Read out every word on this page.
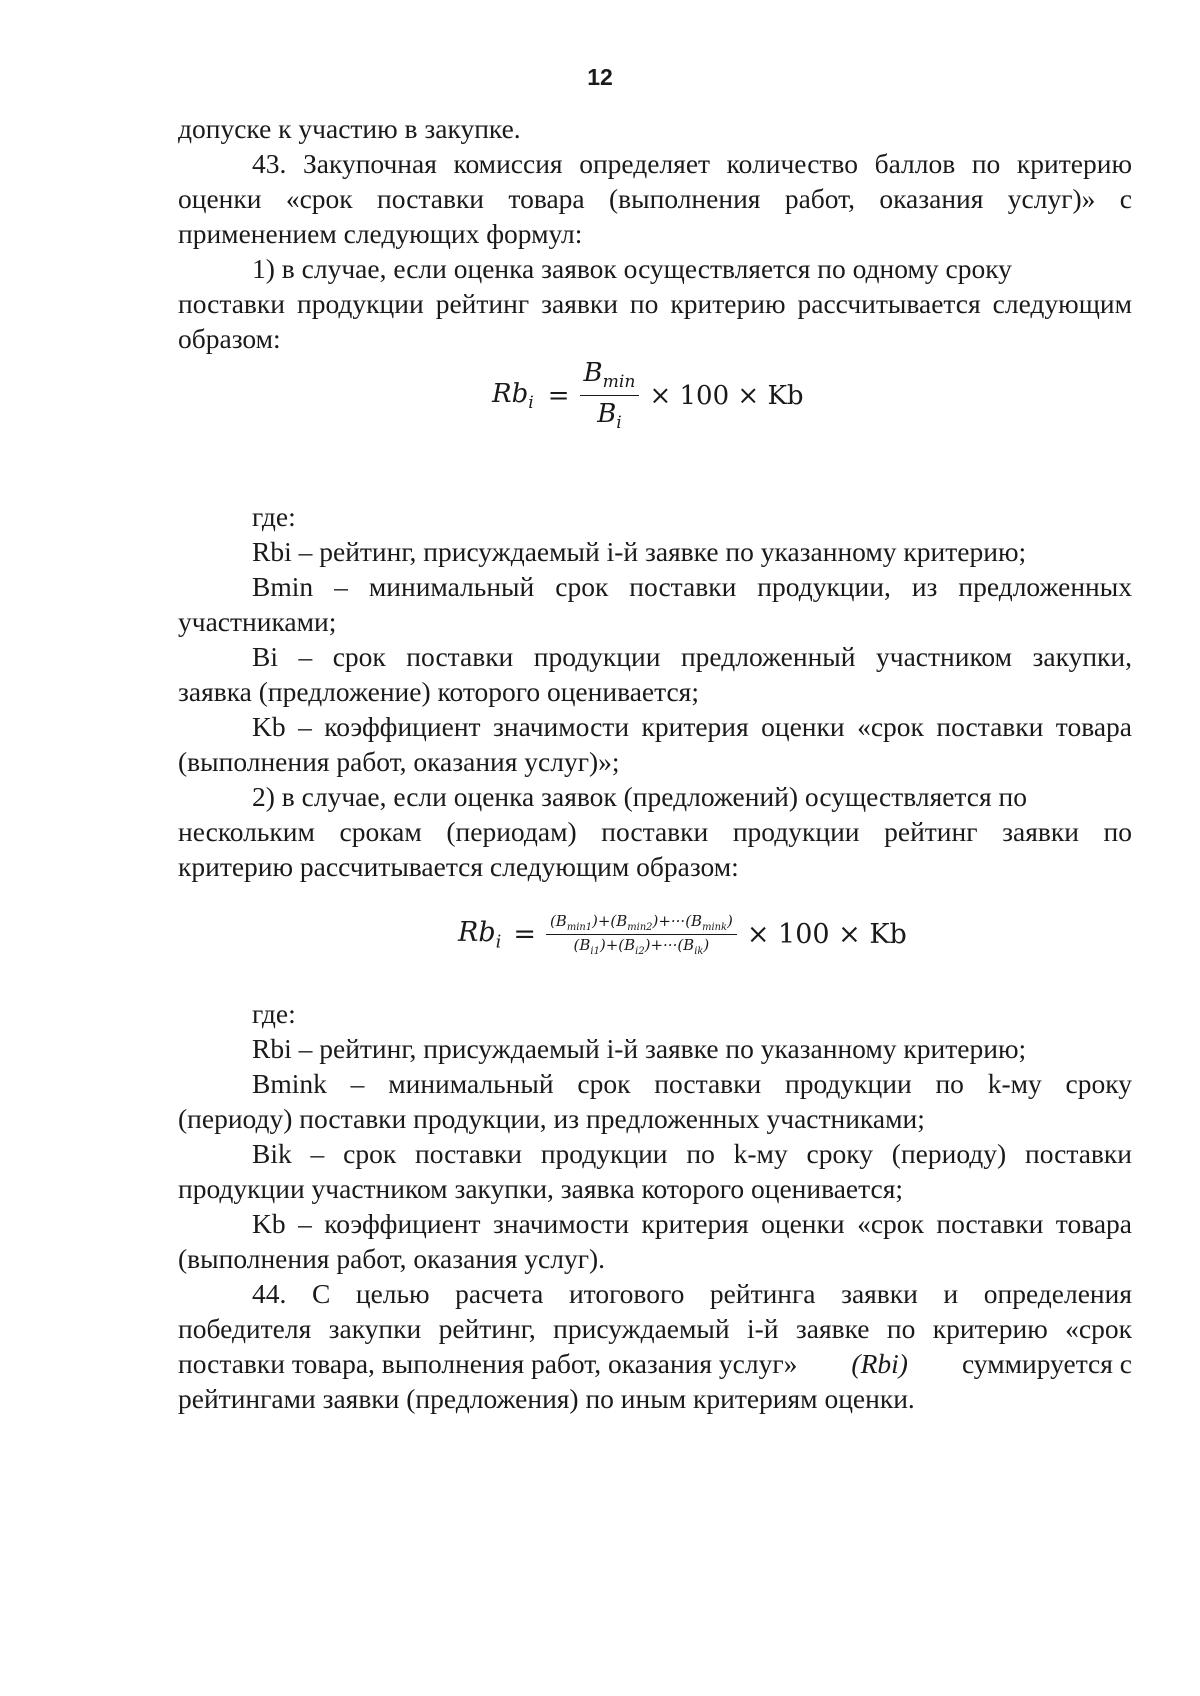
12
допуске к участию в закупке.
43. Закупочная комиссия определяет количество баллов по критерию
оценки «срок поставки товара (выполнения работ, оказания услуг)» с
применением следующих формул:
1) в случае, если оценка заявок осуществляется по одному сроку
поставки продукции рейтинг заявки по критерию рассчитывается следующим
образом:
$Rb_i = \frac{B_{min}}{B_i} \times 100 \times Kb$
где:
Rbi – рейтинг, присуждаемый i-й заявке по указанному критерию;
Bmin – минимальный срок поставки продукции, из предложенных
участниками;
Bi – срок поставки продукции предложенный участником закупки,
заявка (предложение) которого оценивается;
Kb – коэффициент значимости критерия оценки «срок поставки товара
(выполнения работ, оказания услуг)»;
2) в случае, если оценка заявок (предложений) осуществляется по
нескольким срокам (периодам) поставки продукции рейтинг заявки по
критерию рассчитывается следующим образом:
$Rb_i = \frac{(B_{min1})+(B_{min2})+\cdot\cdot\cdot(B_{mink})}{(B_{i1})+(B_{i2})+\cdot\cdot\cdot(B_{ik})} \times 100 \times Kb$
где:
Rbi – рейтинг, присуждаемый i-й заявке по указанному критерию;
Bmink – минимальный срок поставки продукции по k-му сроку
(периоду) поставки продукции, из предложенных участниками;
Bik – срок поставки продукции по k-му сроку (периоду) поставки
продукции участником закупки, заявка которого оценивается;
Kb – коэффициент значимости критерия оценки «срок поставки товара
(выполнения работ, оказания услуг).
44. С целью расчета итогового рейтинга заявки и определения
победителя закупки рейтинг, присуждаемый i-й заявке по критерию «срок
поставки товара, выполнения работ, оказания услуг» (Rbi) суммируется с
рейтингами заявки (предложения) по иным критериям оценки.
